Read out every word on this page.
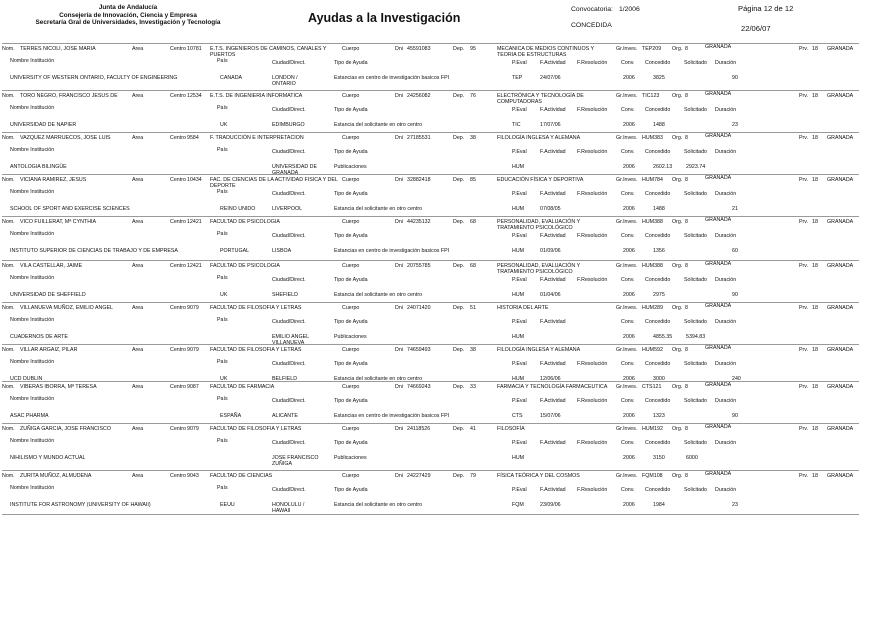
Junta de Andalucía
Consejería de Innovación, Ciencia y Empresa
Secretaría Gral de Universidades, Investigación y Tecnología	Ayudas a la Investigación
Convocatoria: 1/2006
CONCEDIDA
Página 12 de 12
22/06/07
Nom. TERRES NICOLI, JOSE MARIA	Area	Centro 10781 E.T.S. INGENIEROS DE CAMINOS, CANALES Y PUERTOS
Cuerpo	Dni 45591083	Dep. 95	MECANICA DE MEDIOS CONTINUOS Y TEORIA DE ESTRUCTURAS
Gr.Inves. TEP209 Org. 8	GRANADA	Prv. 18 GRANADA
Nombre Institución	País	Ciudad/Direct.	Tipo de Ayuda	P.Eval	F.Actividad F.Resolución	Conv. Concedido	Solicitado Duración
UNIVERSITY OF WESTERN ONTARIO, FACULTY OF ENGINEERING	CANADA	LONDON / ONTARIO
Estancias en centro de investigación basicos FPI	TEP	24/07/06	2006	3825	90
Nom. TORO NEGRO, FRANCISCO JESUS DE	Area	Centro 12534 E.T.S. DE INGENIERIA INFORMATICA	Cuerpo	Dni 24256082	Dep. 76	ELECTRÓNICA Y TECNOLOGÍA DE COMPUTADORAS
Gr.Inves. TIC123 Org. 8	GRANADA	Prv. 18 GRANADA
Nombre Institución	País	Ciudad/Direct.	Tipo de Ayuda	P.Eval	F.Actividad F.Resolución	Conv. Concedido	Solicitado Duración
UNIVERSIDAD DE NAPIER	UK	EDIMBURGO	Estancia del solicitante en otro centro	TIC	17/07/06	2006	1488	23
Nom. VAZQUEZ MARRUECOS, JOSE LUIS	Area	Centro 9584 F. TRADUCCIÓN E INTERPRETACION	Cuerpo	Dni 27185531	Dep. 38	FILOLOGÍA INGLESA Y ALEMANA	Gr.Inves. HUM383 Org. 8	GRANADA	Prv. 18 GRANADA
Nombre Institución	País	Ciudad/Direct.	Tipo de Ayuda	P.Eval	F.Actividad F.Resolución	Conv. Concedido	Solicitado Duración
ANTOLOGIA BILINGÜE	UNIVERSIDAD DE GRANADA
Publicaciones	HUM	2006	2602.13	2923.74
Nom. VICIANA RAMIREZ, JESUS	Area	Centro 10434 FAC. DE CIENCIAS DE LA ACTIVIDAD FISICA Y DEL DEPORTE
Cuerpo	Dni 32882418	Dep. 85	EDUCACIÓN FÍSICA Y DEPORTIVA	Gr.Inves. HUM784 Org. 8	GRANADA	Prv. 18 GRANADA
Nombre Institución	País	Ciudad/Direct.	Tipo de Ayuda	P.Eval	F.Actividad F.Resolución	Conv. Concedido	Solicitado Duración
SCHOOL OF SPORT AND EXERCISE SCIENCES	REINO UNIDO	LIVERPOOL	Estancia del solicitante en otro centro	HUM	07/08/05	2006	1488	21
Nom. VICO FUILLERAT, Mª CYNTHIA	Area	Centro 12421 FACULTAD DE PSICOLOGIA	Cuerpo	Dni 44235132	Dep. 68	PERSONALIDAD, EVALUACIÓN Y TRATAMIENTO PSICOLÓGICO
Gr.Inves. HUM388 Org. 8	GRANADA	Prv. 18 GRANADA
Nombre Institución	País	Ciudad/Direct.	Tipo de Ayuda	P.Eval	F.Actividad F.Resolución	Conv. Concedido	Solicitado Duración
INSTITUTO SUPERIOR DE CIENCIAS DE TRABAJO Y DE EMPRESA	PORTUGAL	LISBOA	Estancias en centro de investigación basicos FPI	HUM	01/09/06	2006	1356	60
Nom. VILA CASTELLAR, JAIME	Area	Centro 12421 FACULTAD DE PSICOLOGIA	Cuerpo	Dni 20755785	Dep. 68	PERSONALIDAD, EVALUACIÓN Y TRATAMIENTO PSICOLÓGICO
Gr.Inves. HUM388 Org. 8	GRANADA	Prv. 18 GRANADA
Nombre Institución	País	Ciudad/Direct.	Tipo de Ayuda	P.Eval	F.Actividad F.Resolución	Conv. Concedido	Solicitado Duración
UNIVERSIDAD DE SHEFFIELD	UK	SHEFIELD	Estancia del solicitante en otro centro	HUM	01/04/06	2006	2975	90
Nom. VILLANUEVA MUÑOZ, EMILIO ANGEL	Area	Centro 9079 FACULTAD DE FILOSOFIA Y LETRAS	Cuerpo	Dni 24071420	Dep. 51	HISTORIA DEL ARTE	Gr.Inves. HUM289 Org. 8	GRANADA	Prv. 18 GRANADA
Nombre Institución	País	Ciudad/Direct.	Tipo de Ayuda	P.Eval	F.Actividad	Conv. Concedido	Solicitado Duración
CUADERNOS DE ARTE	EMILIO ANGEL VILLANUEVA
Publicaciones	HUM	2006	4855.35	5394.83
Nom. VILLAR ARGAIZ, PILAR	Area	Centro 9079 FACULTAD DE FILOSOFIA Y LETRAS	Cuerpo	Dni 74659493	Dep. 38	FILOLOGÍA INGLESA Y ALEMANA	Gr.Inves. HUM592 Org. 8	GRANADA	Prv. 18 GRANADA
Nombre Institución	País	Ciudad/Direct.	Tipo de Ayuda	P.Eval	F.Actividad F.Resolución	Conv. Concedido	Solicitado Duración
UCD DUBLIN	UK	BELFIELD	Estancia del solicitante en otro centro	HUM	12/06/06	2006	3000	240
Nom. VIBERAS IBORRA, Mª TERESA	Area	Centro 9087 FACULTAD DE FARMACIA	Cuerpo	Dni 74669243	Dep. 33	FARMACIA Y TECNOLOGÍA FARMACEUTICA	Gr.Inves. CTS121 Org. 8	GRANADA	Prv. 18 GRANADA
Nombre Institución	País	Ciudad/Direct.	Tipo de Ayuda	P.Eval	F.Actividad F.Resolución	Conv. Concedido	Solicitado Duración
ASAC PHARMA	ESPAÑA	ALICANTE	Estancias en centro de investigación basicos FPI	CTS	15/07/06	2006	1323	90
Nom. ZUÑIGA GARCIA, JOSE FRANCISCO	Area	Centro 9079 FACULTAD DE FILOSOFIA Y LETRAS	Cuerpo	Dni 24118526	Dep. 41	FILOSOFÍA	Gr.Inves. HUM192 Org. 8	GRANADA	Prv. 18 GRANADA
Nombre Institución	País	Ciudad/Direct.	Tipo de Ayuda	P.Eval	F.Actividad F.Resolución	Conv. Concedido	Solicitado Duración
NIHILISMO Y MUNDO ACTUAL	JOSE FRANCISCO ZUÑIGA
Publicaciones	HUM	2006	3150	6000
Nom. ZURITA MUÑOZ, ALMUDENA	Area	Centro 9043 FACULTAD DE CIENCIAS	Cuerpo	Dni 24227429	Dep. 79	FÍSICA TEÓRICA Y DEL COSMOS	Gr.Inves. FQM108 Org. 8	GRANADA	Prv. 18 GRANADA
Nombre Institución	País	Ciudad/Direct.	Tipo de Ayuda	P.Eval	F.Actividad F.Resolución	Conv. Concedido	Solicitado Duración
INSTITUTE FOR ASTRONOMY (UNIVERSITY OF HAWAII)	EEUU	HONOLULU / HAWAII
Estancia del solicitante en otro centro	FQM	23/09/06	2006	1984	23
